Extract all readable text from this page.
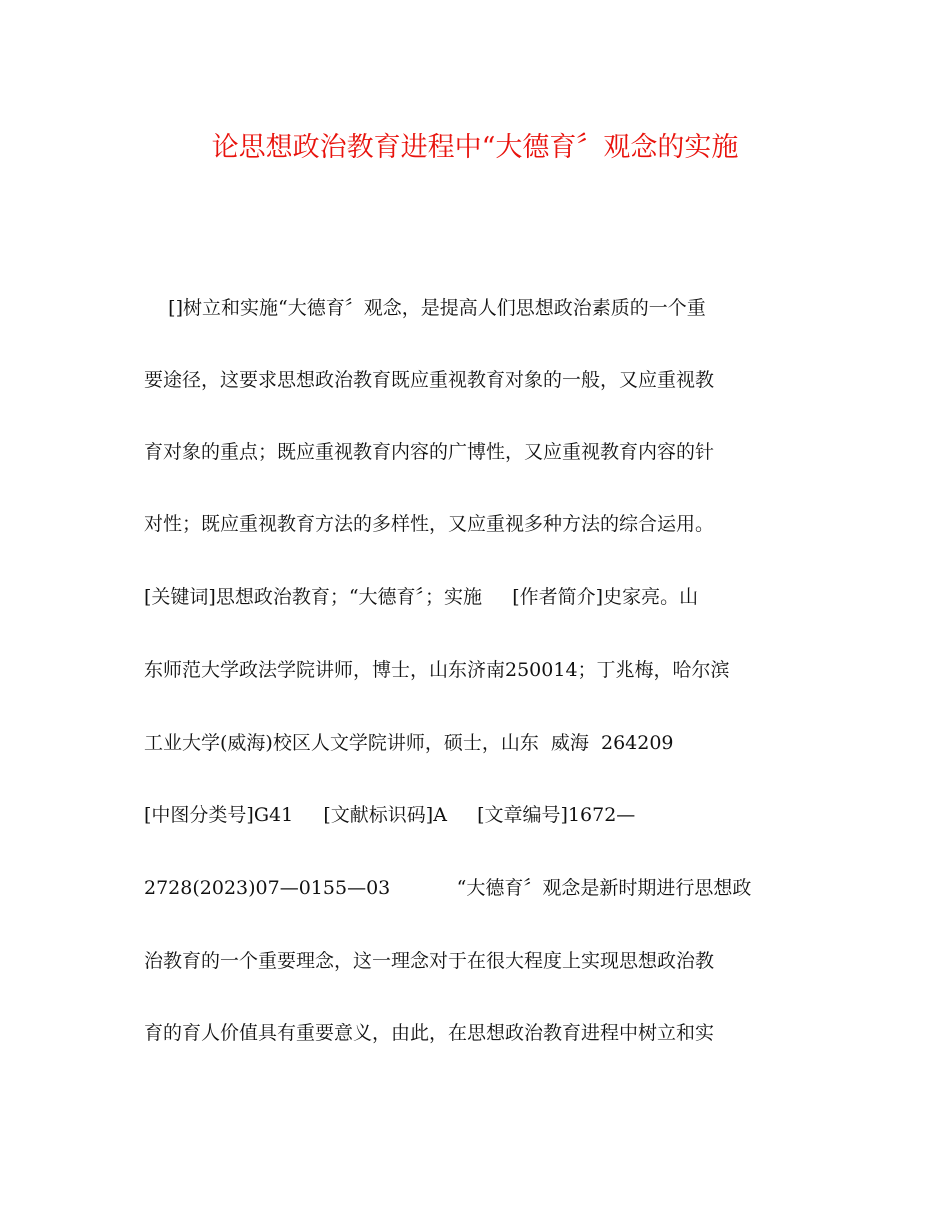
论思想政治教育进程中“大德育〞观念的实施
[]树立和实施“大德育〞观念，是提高人们思想政治素质的一个重
要途径，这要求思想政治教育既应重视教育对象的一般，又应重视教
育对象的重点；既应重视教育内容的广博性，又应重视教育内容的针
对性；既应重视教育方法的多样性，又应重视多种方法的综合运用。
[关键词]思想政治教育；“大德育〞；实施     [作者简介]史家亮。山
东师范大学政法学院讲师，博士，山东济南250014；丁兆梅，哈尔滨
工业大学(威海)校区人文学院讲师，硕士，山东  威海  264209
[中图分类号]G41     [文献标识码]A     [文章编号]1672—
2728(2023)07—0155—03           “大德育〞观念是新时期进行思想政
治教育的一个重要理念，这一理念对于在很大程度上实现思想政治教
育的育人价值具有重要意义，由此，在思想政治教育进程中树立和实
